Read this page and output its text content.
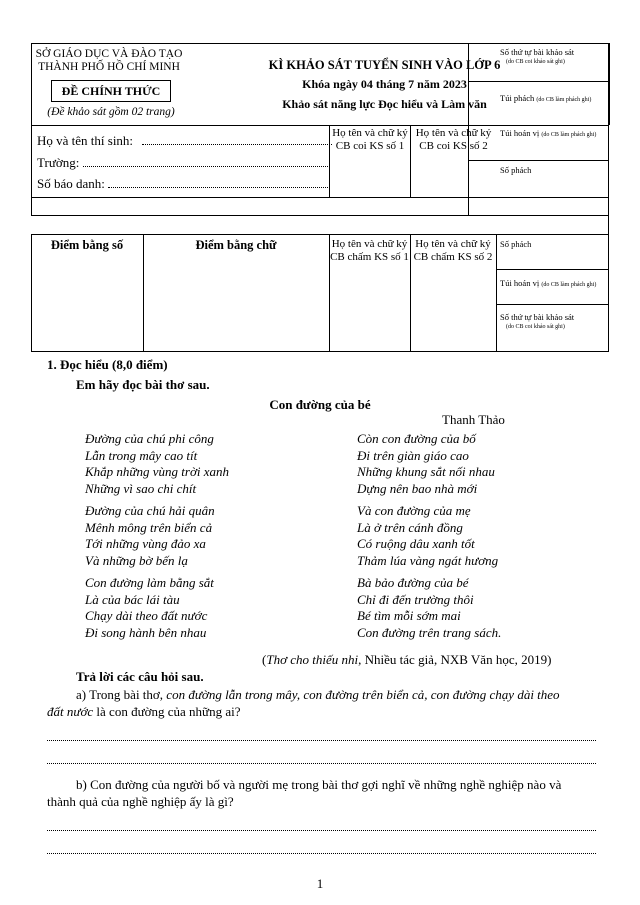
SỞ GIÁO DỤC VÀ ĐÀO TẠO
THÀNH PHỐ HỒ CHÍ MINH
ĐỀ CHÍNH THỨC
(Đề khảo sát gồm 02 trang)

KÌ KHẢO SÁT TUYỂN SINH VÀO LỚP 6
Khóa ngày 04 tháng 7 năm 2023
Khảo sát năng lực Đọc hiểu và Làm văn
Số thứ tự bài khảo sát
(do CB coi khảo sát ghi)
Túi phách (do CB làm phách ghi)
Túi hoán vị (do CB làm phách ghi)
Số phách
Họ và tên thí sinh:
Trường:
Số báo danh:
Họ tên và chữ ký CB coi KS số 1
Họ tên và chữ ký CB coi KS số 2
Điểm bằng số	Điểm bằng chữ	Họ tên và chữ ký CB chấm KS số 1
Họ tên và chữ ký CB chấm KS số 2
Số phách
Túi hoán vị (do CB làm phách ghi)
Số thứ tự bài khảo sát
(do CB coi khảo sát ghi)
1. Đọc hiểu (8,0 điểm)
Em hãy đọc bài thơ sau.
Con đường của bé
Thanh Thảo
Đường của chú phi công
Lẫn trong mây cao tít
Khắp những vùng trời xanh
Những vì sao chi chít
Đường của chú hải quân
Mênh mông trên biển cả
Tới những vùng đảo xa
Và những bờ bến lạ
Con đường làm bằng sắt
Là của bác lái tàu
Chạy dài theo đất nước
Đi song hành bên nhau
Còn con đường của bố
Đi trên giàn giáo cao
Những khung sắt nối nhau
Dựng nên bao nhà mới
Và con đường của mẹ
Là ở trên cánh đồng
Có ruộng dâu xanh tốt
Thảm lúa vàng ngát hương
Bà bảo đường của bé
Chỉ đi đến trường thôi
Bé tìm mỗi sớm mai
Con đường trên trang sách.
(Thơ cho thiếu nhi, Nhiều tác giả, NXB Văn học, 2019)
Trả lời các câu hỏi sau.
a) Trong bài thơ, con đường lẫn trong mây, con đường trên biển cả, con đường chạy dài theo
đất nước là con đường của những ai?
b) Con đường của người bố và người mẹ trong bài thơ gợi nghĩ về những nghề nghiệp nào và
thành quả của nghề nghiệp ấy là gì?
1
